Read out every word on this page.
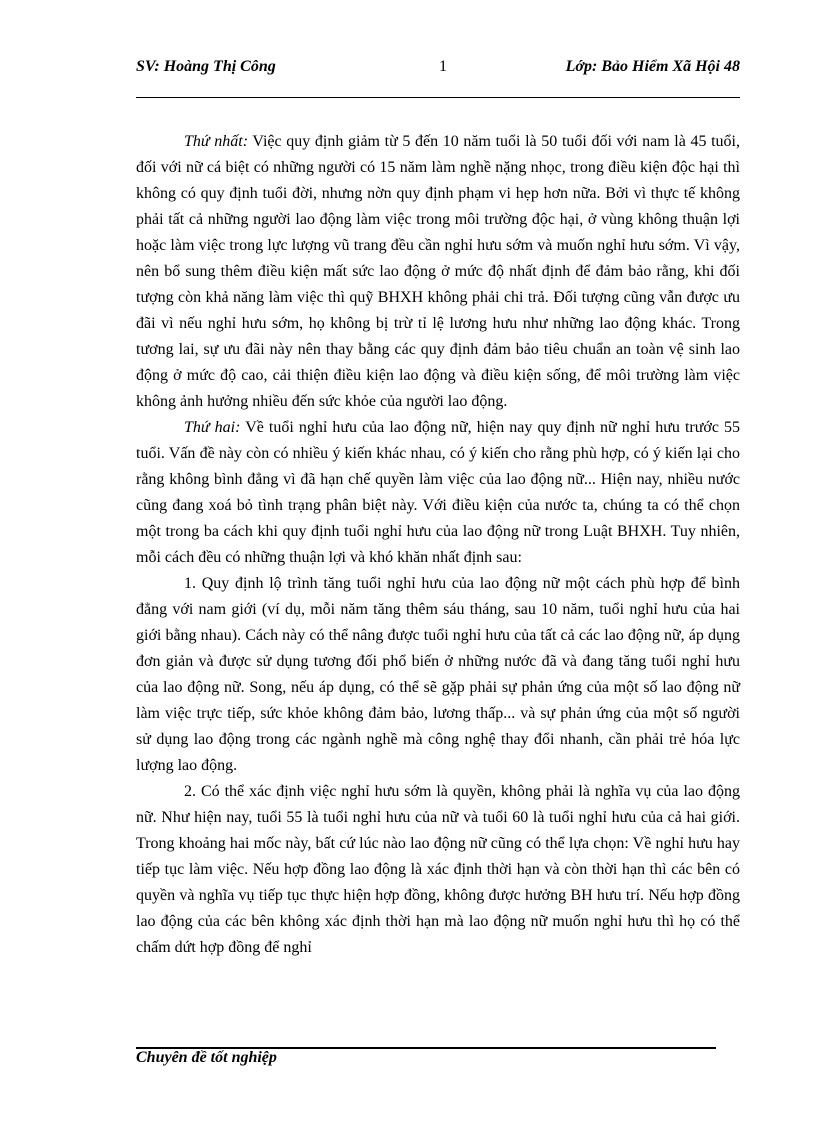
SV: Hoàng Thị Công	1	Lớp: Bảo Hiểm Xã Hội 48

Thứ nhất: Việc quy định giảm từ 5 đến 10 năm tuổi là 50 tuổi đối với nam là 45 tuổi, đối với nữ cá biệt có những người có 15 năm làm nghề nặng nhọc, trong điều kiện độc hại thì không có quy định tuổi đời, nhưng nờn quy định phạm vi hẹp hơn nữa. Bởi vì thực tế không phải tất cả những người lao động làm việc trong môi trường độc hại, ở vùng không thuận lợi hoặc làm việc trong lực lượng vũ trang đều cần nghỉ hưu sớm và muốn nghỉ hưu sớm. Vì vậy, nên bổ sung thêm điều kiện mất sức lao động ở mức độ nhất định để đảm bảo rằng, khi đối tượng còn khả năng làm việc thì quỹ BHXH không phải chi trả. Đối tượng cũng vẫn được ưu đãi vì nếu nghỉ hưu sớm, họ không bị trừ tỉ lệ lương hưu như những lao động khác. Trong tương lai, sự ưu đãi này nên thay bằng các quy định đảm bảo tiêu chuẩn an toàn vệ sinh lao động ở mức độ cao, cải thiện điều kiện lao động và điều kiện sống, để môi trường làm việc không ảnh hưởng nhiều đến sức khỏe của người lao động.

Thứ hai: Về tuổi nghỉ hưu của lao động nữ, hiện nay quy định nữ nghỉ hưu trước 55 tuổi. Vấn đề này còn có nhiều ý kiến khác nhau, có ý kiến cho rằng phù hợp, có ý kiến lại cho rằng không bình đẳng vì đã hạn chế quyền làm việc của lao động nữ... Hiện nay, nhiều nước cũng đang xoá bỏ tình trạng phân biệt này. Với điều kiện của nước ta, chúng ta có thể chọn một trong ba cách khi quy định tuổi nghỉ hưu của lao động nữ trong Luật BHXH. Tuy nhiên, mỗi cách đều có những thuận lợi và khó khăn nhất định sau:

1. Quy định lộ trình tăng tuổi nghỉ hưu của lao động nữ một cách phù hợp để bình đẳng với nam giới (ví dụ, mỗi năm tăng thêm sáu tháng, sau 10 năm, tuổi nghỉ hưu của hai giới bằng nhau). Cách này có thể nâng được tuổi nghỉ hưu của tất cả các lao động nữ, áp dụng đơn giản và được sử dụng tương đối phổ biến ở những nước đã và đang tăng tuổi nghỉ hưu của lao động nữ. Song, nếu áp dụng, có thể sẽ gặp phải sự phản ứng của một số lao động nữ làm việc trực tiếp, sức khỏe không đảm bảo, lương thấp... và sự phản ứng của một số người sử dụng lao động trong các ngành nghề mà công nghệ thay đổi nhanh, cần phải trẻ hóa lực lượng lao động.

2. Có thể xác định việc nghỉ hưu sớm là quyền, không phải là nghĩa vụ của lao động nữ. Như hiện nay, tuổi 55 là tuổi nghỉ hưu của nữ và tuổi 60 là tuổi nghỉ hưu của cả hai giới. Trong khoảng hai mốc này, bất cứ lúc nào lao động nữ cũng có thể lựa chọn: Về nghỉ hưu hay tiếp tục làm việc. Nếu hợp đồng lao động là xác định thời hạn và còn thời hạn thì các bên có quyền và nghĩa vụ tiếp tục thực hiện hợp đồng, không được hưởng BH hưu trí. Nếu hợp đồng lao động của các bên không xác định thời hạn mà lao động nữ muốn nghỉ hưu thì họ có thể chấm dứt hợp đồng để nghỉ

Chuyên đề tốt nghiệp
